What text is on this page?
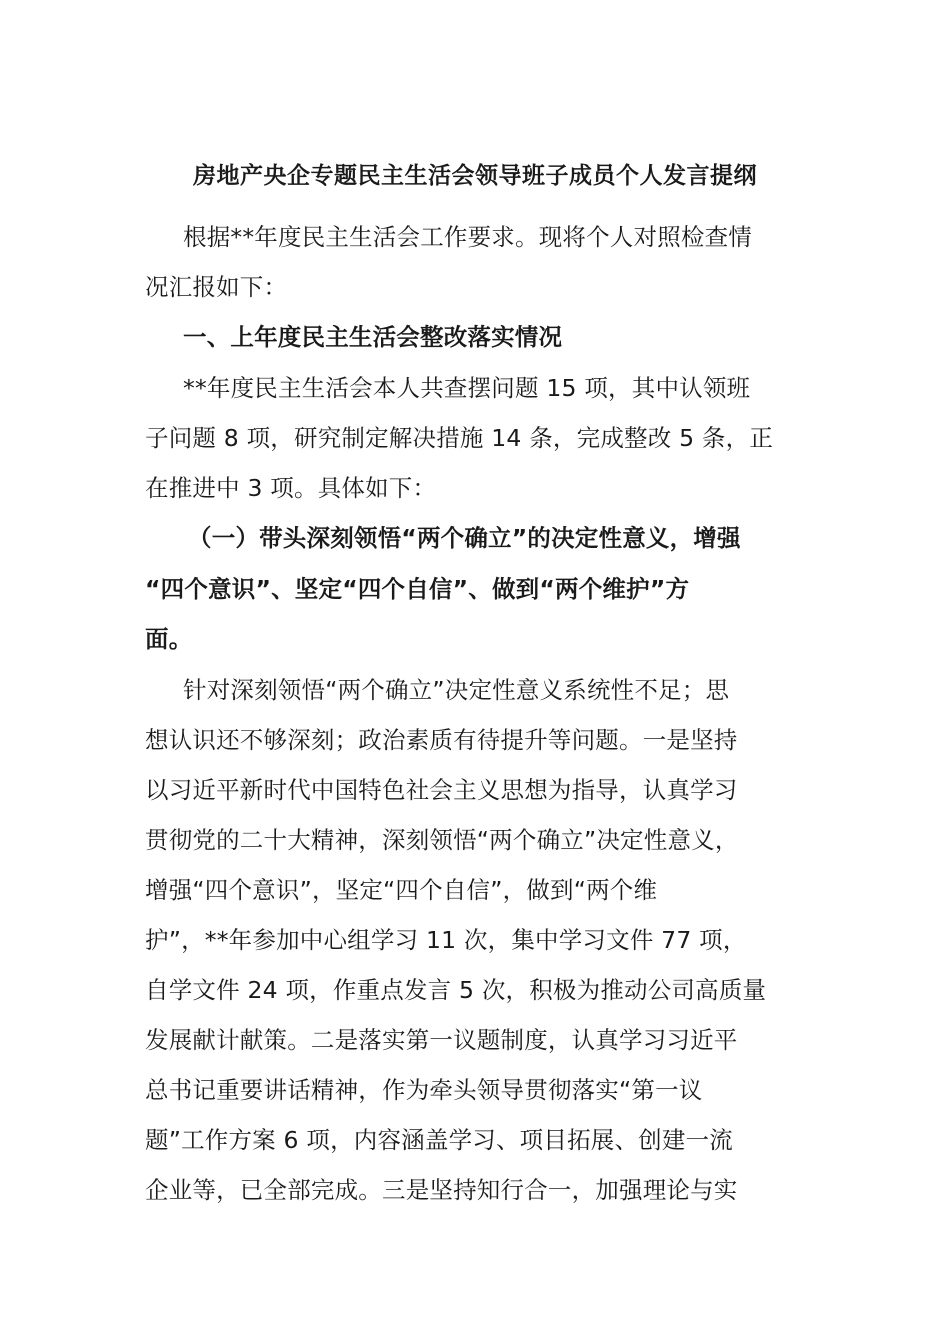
房地产央企专题民主生活会领导班子成员个人发言提纲
根据**年度民主生活会工作要求。现将个人对照检查情
况汇报如下：
一、上年度民主生活会整改落实情况
**年度民主生活会本人共查摆问题 15 项，其中认领班
子问题 8 项，研究制定解决措施 14 条，完成整改 5 条，正
在推进中 3 项。具体如下：
（一）带头深刻领悟“两个确立”的决定性意义，增强
“四个意识”、坚定“四个自信”、做到“两个维护”方
面。
针对深刻领悟“两个确立”决定性意义系统性不足；思
想认识还不够深刻；政治素质有待提升等问题。一是坚持
以习近平新时代中国特色社会主义思想为指导，认真学习
贯彻党的二十大精神，深刻领悟“两个确立”决定性意义，
增强“四个意识”，坚定“四个自信”，做到“两个维
护”，**年参加中心组学习 11 次，集中学习文件 77 项，
自学文件 24 项，作重点发言 5 次，积极为推动公司高质量
发展献计献策。二是落实第一议题制度，认真学习习近平
总书记重要讲话精神，作为牵头领导贯彻落实“第一议
题”工作方案 6 项，内容涵盖学习、项目拓展、创建一流
企业等，已全部完成。三是坚持知行合一，加强理论与实
